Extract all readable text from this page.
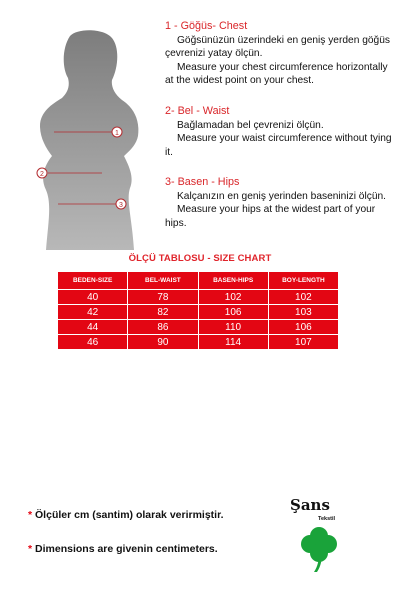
1
2
3

1 - Göğüs- Chest

Göğsünüzün üzerindeki en geniş yerden göğüs çevrenizi yatay ölçün.

Measure your chest circumference horizontally at the widest point on your chest.

2- Bel - Waist

Bağlamadan bel çevrenizi ölçün.

Measure your waist circumference without tying it.

3- Basen - Hips

Kalçanızın en geniş yerinden baseninizi ölçün.

Measure your hips at the widest part of your hips.

ÖLÇÜ TABLOSU - SIZE CHART
BEDEN-SIZE	BEL-WAIST	BASEN-HIPS	BOY-LENGTH
40	78	102	102
42	82	106	103
44	86	110	106
46	90	114	107
* Ölçüler cm (santim) olarak verirmiştir.
* Dimensions are givenin centimeters.
Şans
Tekstil
